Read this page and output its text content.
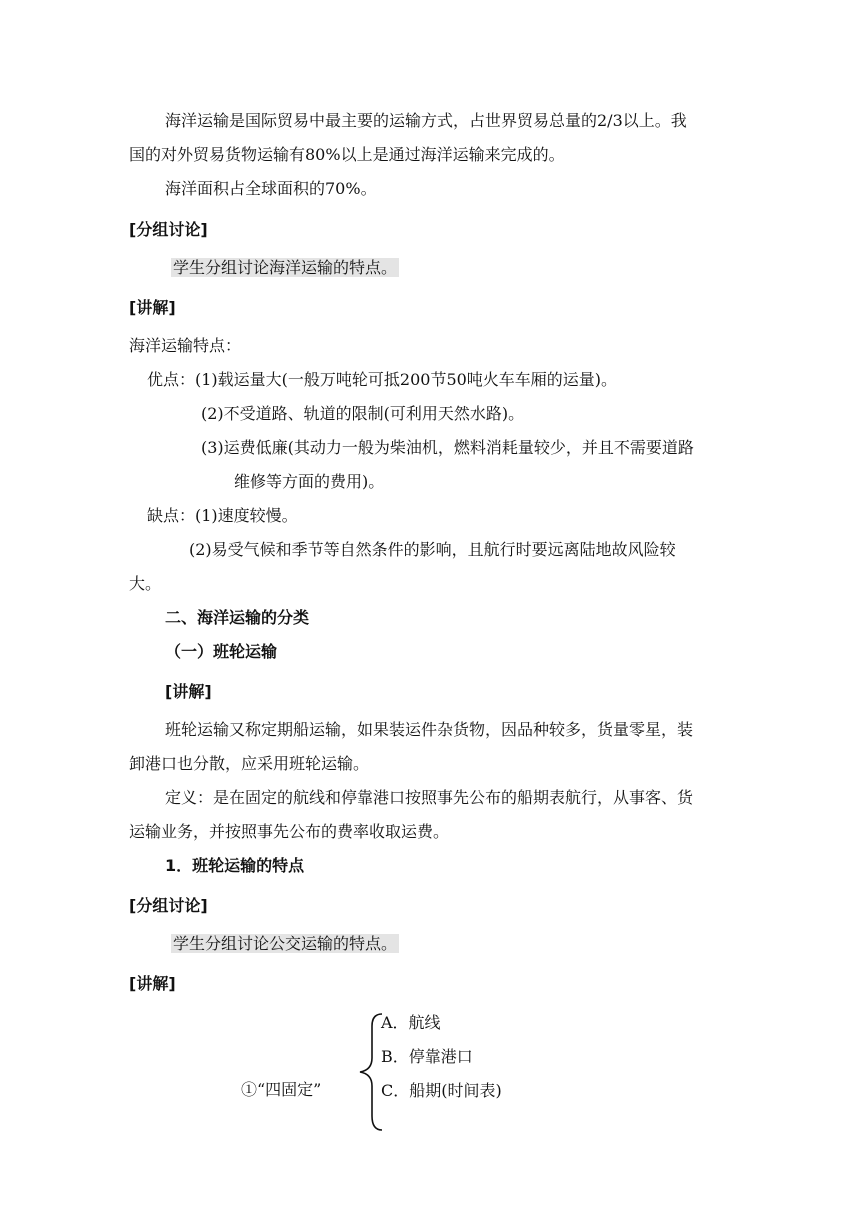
海洋运输是国际贸易中最主要的运输方式，占世界贸易总量的2/3以上。我
国的对外贸易货物运输有80%以上是通过海洋运输来完成的。
海洋面积占全球面积的70%。
[分组讨论]
学生分组讨论海洋运输的特点。
[讲解]
海洋运输特点：
优点：(1)载运量大(一般万吨轮可抵200节50吨火车车厢的运量)。
(2)不受道路、轨道的限制(可利用天然水路)。
(3)运费低廉(其动力一般为柴油机，燃料消耗量较少，并且不需要道路
维修等方面的费用)。
缺点：(1)速度较慢。
(2)易受气候和季节等自然条件的影响，且航行时要远离陆地故风险较
大。
二、海洋运输的分类
（一）班轮运输
[讲解]
班轮运输又称定期船运输，如果装运件杂货物，因品种较多，货量零星，装
卸港口也分散，应采用班轮运输。
定义：是在固定的航线和停靠港口按照事先公布的船期表航行，从事客、货
运输业务，并按照事先公布的费率收取运费。
1．班轮运输的特点
[分组讨论]
学生分组讨论公交运输的特点。
[讲解]
①“四固定”
A．航线
B．停靠港口
C．船期(时间表)
